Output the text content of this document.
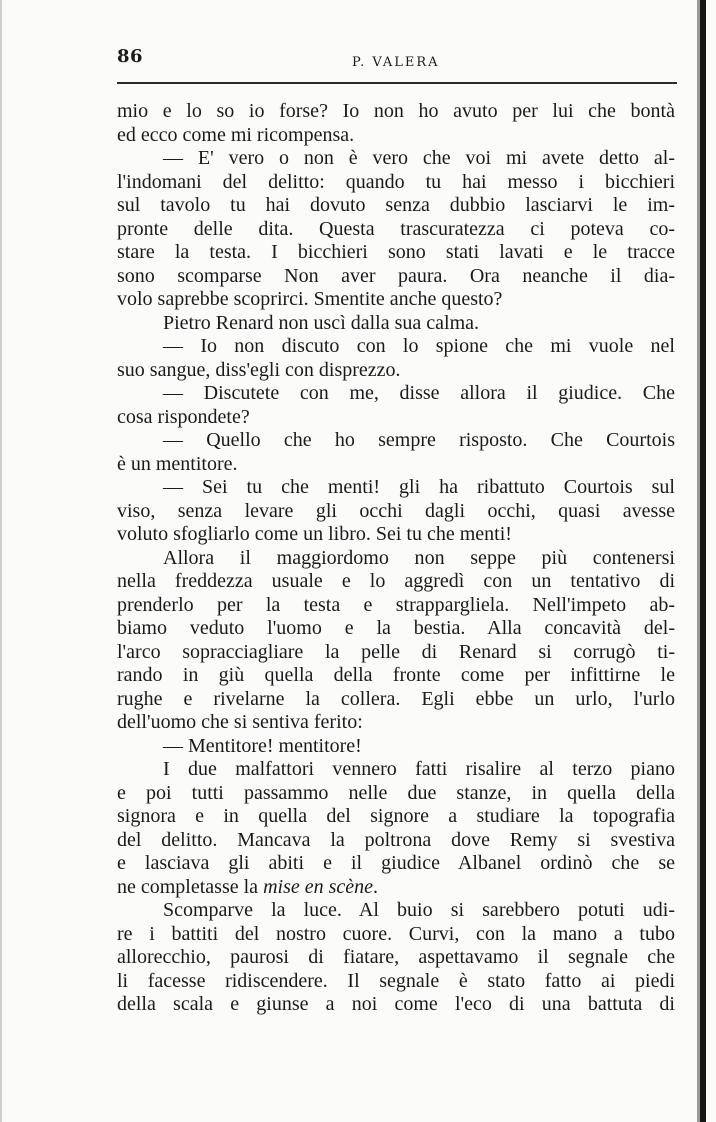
86	P. VALERA
mio e lo so io forse? Io non ho avuto per lui che bontà
ed ecco come mi ricompensa.
— E' vero o non è vero che voi mi avete detto al-
l'indomani del delitto: quando tu hai messo i bicchieri
sul tavolo tu hai dovuto senza dubbio lasciarvi le im-
pronte delle dita. Questa trascuratezza ci poteva co-
stare la testa. I bicchieri sono stati lavati e le tracce
sono scomparse Non aver paura. Ora neanche il dia-
volo saprebbe scoprirci. Smentite anche questo?
Pietro Renard non uscì dalla sua calma.
— Io non discuto con lo spione che mi vuole nel
suo sangue, diss'egli con disprezzo.
— Discutete con me, disse allora il giudice. Che
cosa rispondete?
— Quello che ho sempre risposto. Che Courtois
è un mentitore.
— Sei tu che menti! gli ha ribattuto Courtois sul
viso, senza levare gli occhi dagli occhi, quasi avesse
voluto sfogliarlo come un libro. Sei tu che menti!
Allora il maggiordomo non seppe più contenersi
nella freddezza usuale e lo aggredì con un tentativo di
prenderlo per la testa e strappargliela. Nell'impeto ab-
biamo veduto l'uomo e la bestia. Alla concavità del-
l'arco sopracciagliare la pelle di Renard si corrugò ti-
rando in giù quella della fronte come per infittirne le
rughe e rivelarne la collera. Egli ebbe un urlo, l'urlo
dell'uomo che si sentiva ferito:
— Mentitore! mentitore!
I due malfattori vennero fatti risalire al terzo piano
e poi tutti passammo nelle due stanze, in quella della
signora e in quella del signore a studiare la topografia
del delitto. Mancava la poltrona dove Remy si svestiva
e lasciava gli abiti e il giudice Albanel ordinò che se
ne completasse la mise en scène.
Scomparve la luce. Al buio si sarebbero potuti udi-
re i battiti del nostro cuore. Curvi, con la mano a tubo
allorecchio, paurosi di fiatare, aspettavamo il segnale che
li facesse ridiscendere. Il segnale è stato fatto ai piedi
della scala e giunse a noi come l'eco di una battuta di
